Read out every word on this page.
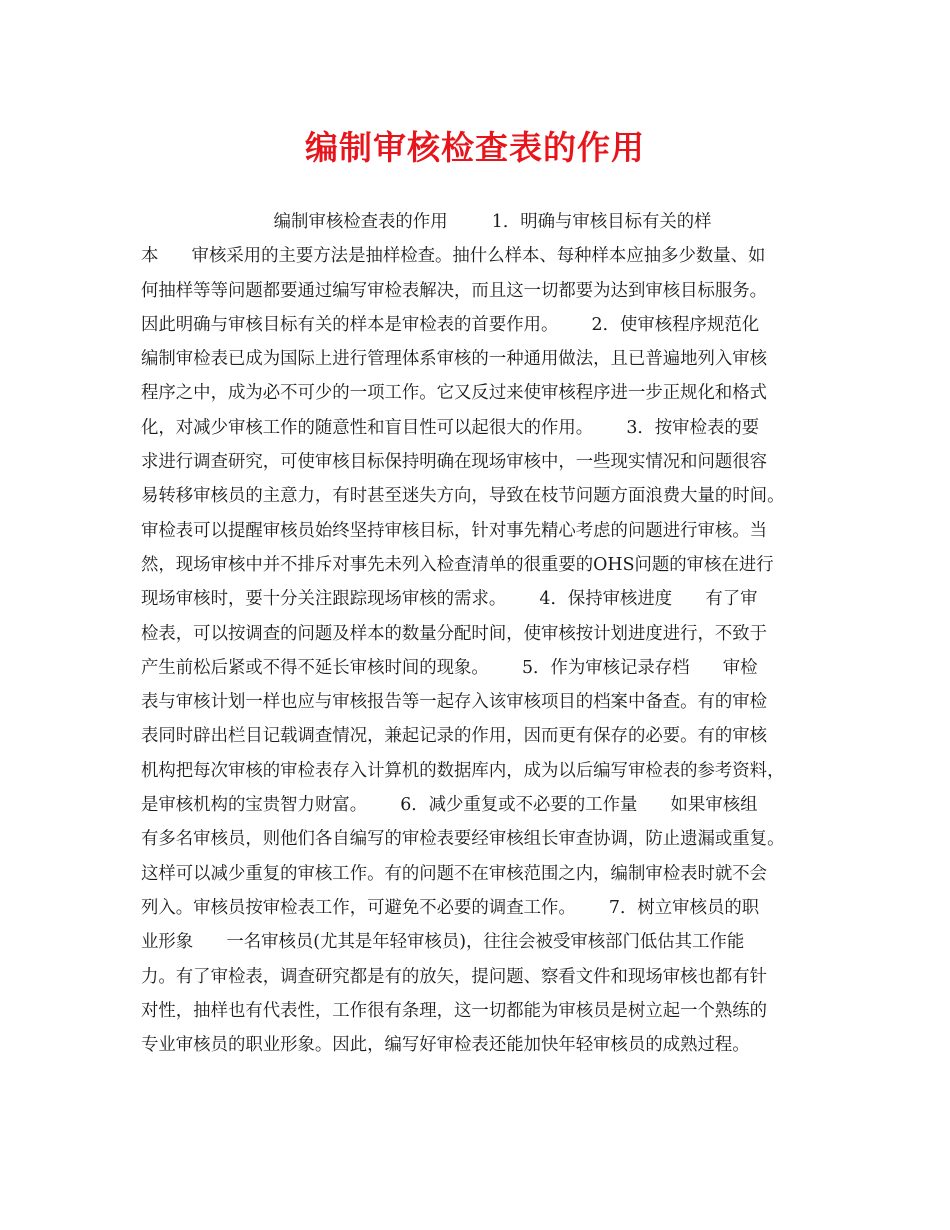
编制审核检查表的作用
编制审核检查表的作用        1．明确与审核目标有关的样
本      审核采用的主要方法是抽样检查。抽什么样本、每种样本应抽多少数量、如
何抽样等等问题都要通过编写审检表解决，而且这一切都要为达到审核目标服务。
因此明确与审核目标有关的样本是审检表的首要作用。      2．使审核程序规范化
编制审检表已成为国际上进行管理体系审核的一种通用做法，且已普遍地列入审核
程序之中，成为必不可少的一项工作。它又反过来使审核程序进一步正规化和格式
化，对减少审核工作的随意性和盲目性可以起很大的作用。      3．按审检表的要
求进行调查研究，可使审核目标保持明确在现场审核中，一些现实情况和问题很容
易转移审核员的主意力，有时甚至迷失方向，导致在枝节问题方面浪费大量的时间。
审检表可以提醒审核员始终坚持审核目标，针对事先精心考虑的问题进行审核。当
然，现场审核中并不排斥对事先未列入检查清单的很重要的OHS问题的审核在进行
现场审核时，要十分关注跟踪现场审核的需求。      4．保持审核进度      有了审
检表，可以按调查的问题及样本的数量分配时间，使审核按计划进度进行，不致于
产生前松后紧或不得不延长审核时间的现象。      5．作为审核记录存档      审检
表与审核计划一样也应与审核报告等一起存入该审核项目的档案中备查。有的审检
表同时辟出栏目记载调查情况，兼起记录的作用，因而更有保存的必要。有的审核
机构把每次审核的审检表存入计算机的数据库内，成为以后编写审检表的参考资料，
是审核机构的宝贵智力财富。      6．减少重复或不必要的工作量      如果审核组
有多名审核员，则他们各自编写的审检表要经审核组长审查协调，防止遗漏或重复。
这样可以减少重复的审核工作。有的问题不在审核范围之内，编制审检表时就不会
列入。审核员按审检表工作，可避免不必要的调查工作。      7．树立审核员的职
业形象      一名审核员(尤其是年轻审核员)，往往会被受审核部门低估其工作能
力。有了审检表，调查研究都是有的放矢，提问题、察看文件和现场审核也都有针
对性，抽样也有代表性，工作很有条理，这一切都能为审核员是树立起一个熟练的
专业审核员的职业形象。因此，编写好审检表还能加快年轻审核员的成熟过程。
